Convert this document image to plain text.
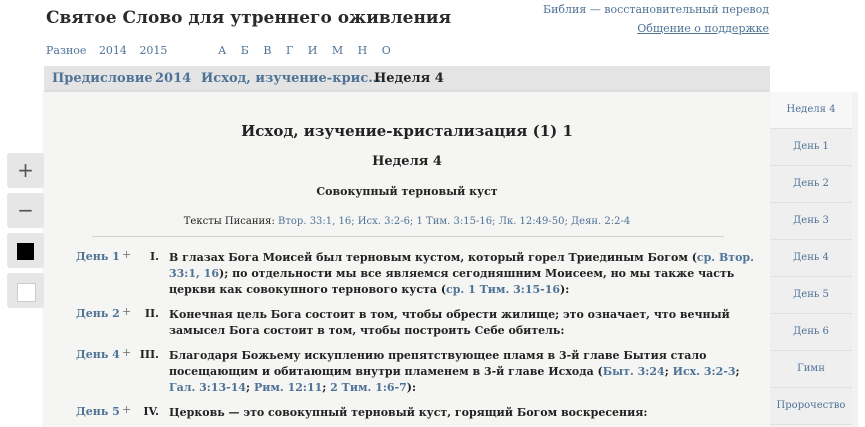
Святое Слово для утреннего оживления	Библия — восстановительный перевод
Общение о поддержке
Разное 2014 2015	А Б В Г И М Н О
Предисловие 2014 Исход, изучение-крис…
Неделя 4
Исход, изучение-кристализация (1) 1
Неделя 4
Совокупный терновый куст
Тексты Писания: Втор. 33:1, 16; Исх. 3:2-6; 1 Тим. 3:15-16; Лк. 12:49-50; Деян. 2:2-4
День 1 + I. В глазах Бога Моисей был терновым кустом, который горел Триединым Богом (ср. Втор. 33:1, 16); по отдельности мы все являемся сегодняшним Моисеем, но мы также часть церкви как совокупного тернового куста (ср. 1 Тим. 3:15-16):
День 2 + II. Конечная цель Бога состоит в том, чтобы обрести жилище; это означает, что вечный замысел Бога состоит в том, чтобы построить Себе обитель:
День 4 + III. Благодаря Божьему искуплению препятствующее пламя в 3-й главе Бытия стало посещающим и обитающим внутри пламенем в 3-й главе Исхода (Быт. 3:24; Исх. 3:2-3; Гал. 3:13-14; Рим. 12:11; 2 Тим. 1:6-7):
День 5 + IV. Церковь — это совокупный терновый куст, горящий Богом воскресения:
+
−
Неделя 4
День 1
День 2
День 3
День 4
День 5
День 6
Гимн
Пророчество
